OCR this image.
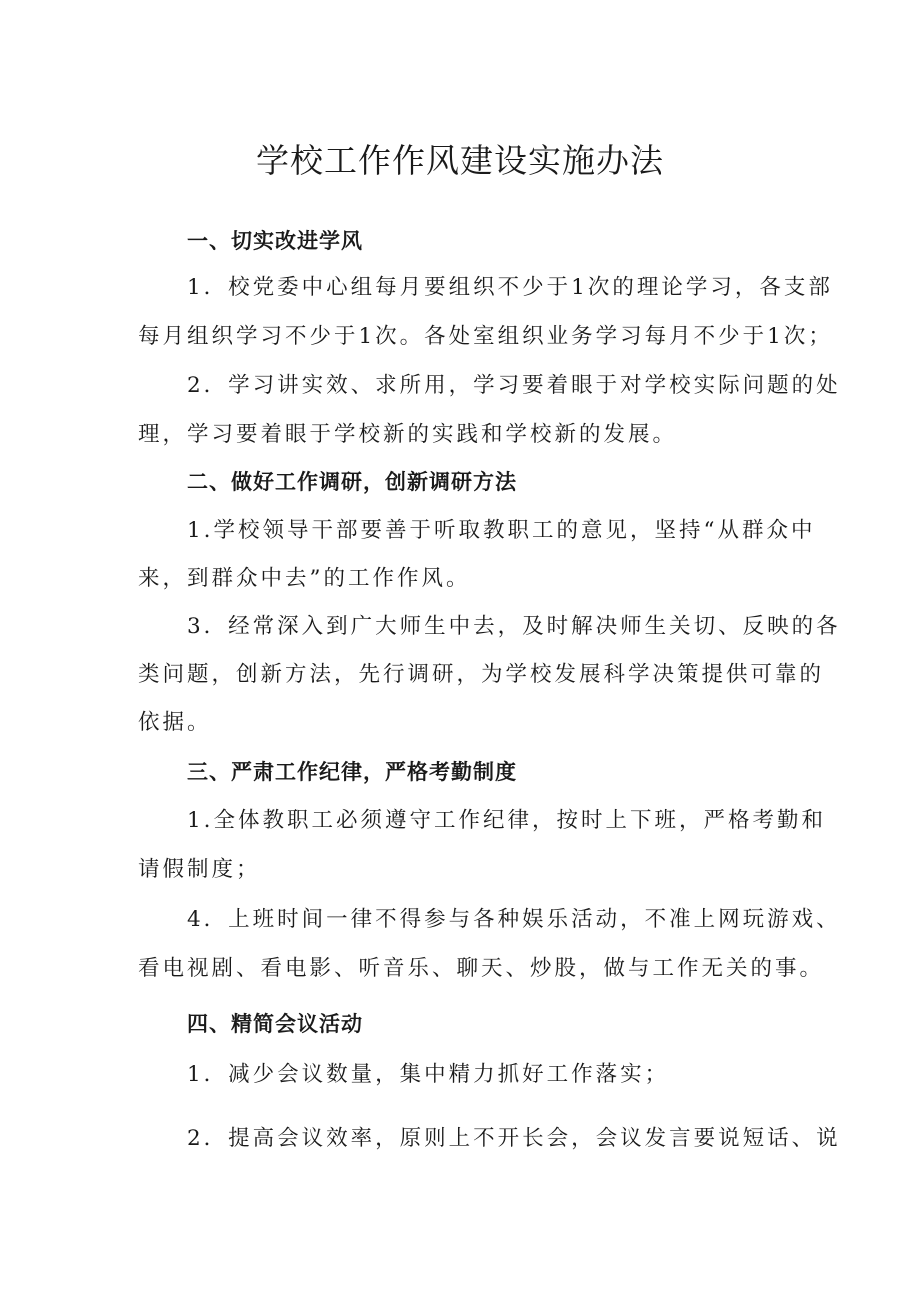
学校工作作风建设实施办法
一、切实改进学风

1．校党委中心组每月要组织不少于1次的理论学习，各支部

每月组织学习不少于1次。各处室组织业务学习每月不少于1次；

2．学习讲实效、求所用，学习要着眼于对学校实际问题的处

理，学习要着眼于学校新的实践和学校新的发展。

二、做好工作调研，创新调研方法

1.学校领导干部要善于听取教职工的意见，坚持“从群众中

来，到群众中去”的工作作风。

3．经常深入到广大师生中去，及时解决师生关切、反映的各

类问题，创新方法，先行调研，为学校发展科学决策提供可靠的

依据。

三、严肃工作纪律，严格考勤制度

1.全体教职工必须遵守工作纪律，按时上下班，严格考勤和

请假制度；

4．上班时间一律不得参与各种娱乐活动，不准上网玩游戏、

看电视剧、看电影、听音乐、聊天、炒股，做与工作无关的事。

四、精简会议活动

1．减少会议数量，集中精力抓好工作落实；

2．提高会议效率，原则上不开长会，会议发言要说短话、说
